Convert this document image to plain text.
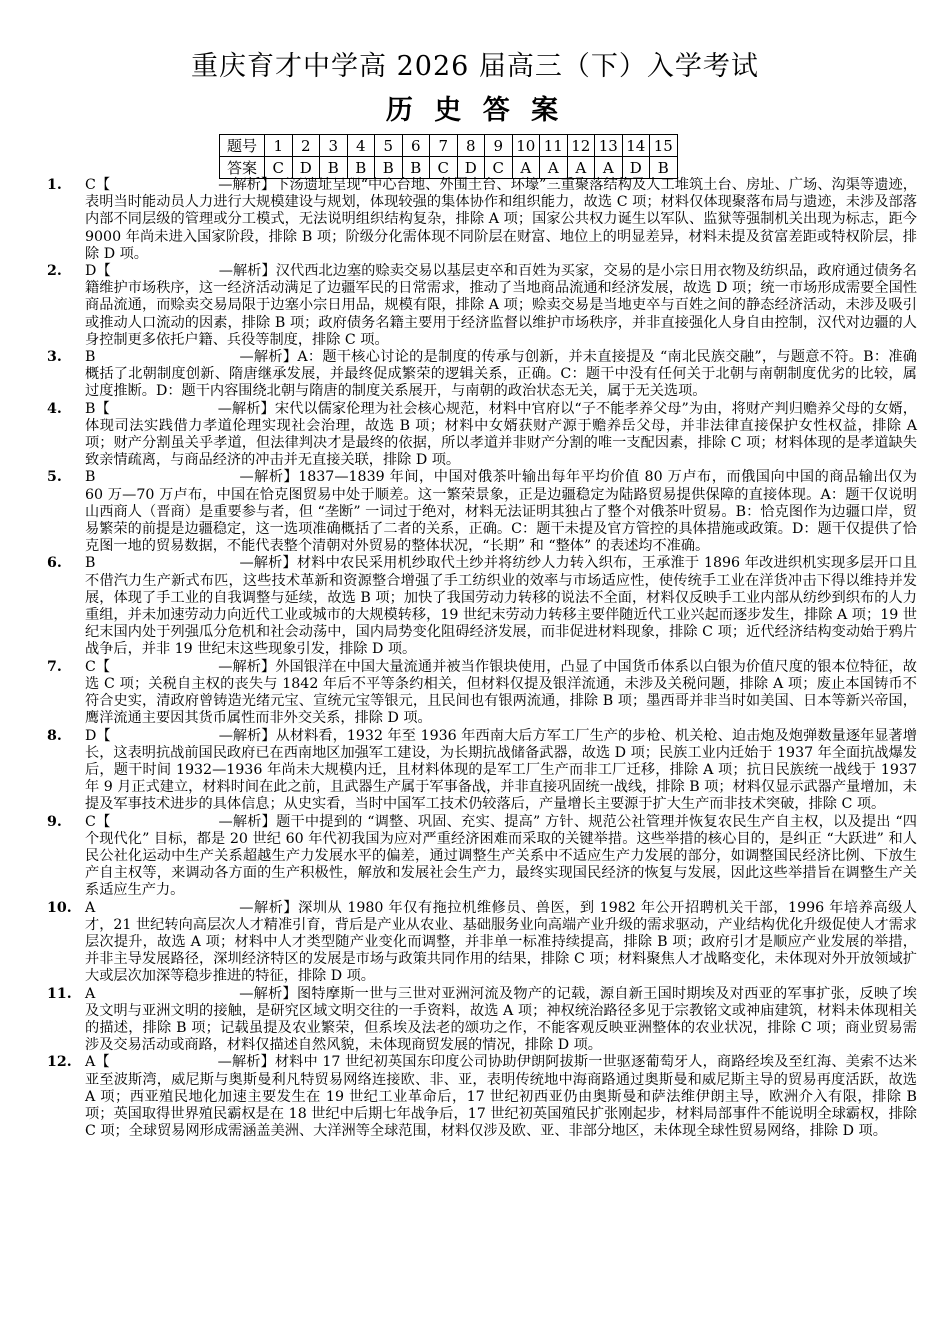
重庆育才中学高 2026 届高三（下）入学考试
历 史 答 案
题号	1	2	3	4	5	6	7	8	9	10	11	12	13	14	15
答案	C	D	B	B	B	B	C	D	C	A	A	A	A	D	B
1.	C【	—解析】下汤遗址呈现“中心台地、外围土台、环壕”三重聚落结构及人工堆筑土台、房址、广场、沟渠等遗迹，表明当时能动员人力进行大规模建设与规划，体现较强的集体协作和组织能力，故选 C 项；材料仅体现聚落布局与遗迹，未涉及部落内部不同层级的管理或分工模式，无法说明组织结构复杂，排除 A 项；国家公共权力诞生以军队、监狱等强制机关出现为标志，距今 9000 年尚未进入国家阶段，排除 B 项；阶级分化需体现不同阶层在财富、地位上的明显差异，材料未提及贫富差距或特权阶层，排除 D 项。
2.	D【	—解析】汉代西北边塞的赊卖交易以基层吏卒和百姓为买家，交易的是小宗日用衣物及纺织品，政府通过债务名籍维护市场秩序，这一经济活动满足了边疆军民的日常需求，推动了当地商品流通和经济发展，故选 D 项；统一市场形成需要全国性商品流通，而赊卖交易局限于边塞小宗日用品，规模有限，排除 A 项；赊卖交易是当地吏卒与百姓之间的静态经济活动，未涉及吸引或推动人口流动的因素，排除 B 项；政府债务名籍主要用于经济监督以维护市场秩序，并非直接强化人身自由控制，汉代对边疆的人身控制更多依托户籍、兵役等制度，排除 C 项。
3.	B	—解析】A：题干核心讨论的是制度的传承与创新，并未直接提及 “南北民族交融”，与题意不符。B：准确概括了北朝制度创新、隋唐继承发展，并最终促成繁荣的逻辑关系，正确。C：题干中没有任何关于北朝与南朝制度优劣的比较，属过度推断。D：题干内容围绕北朝与隋唐的制度关系展开，与南朝的政治状态无关，属于无关选项。
4.	B【	—解析】宋代以儒家伦理为社会核心规范，材料中官府以“子不能孝养父母”为由，将财产判归赡养父母的女婿，体现司法实践借力孝道伦理实现社会治理，故选 B 项；材料中女婿获财产源于赡养岳父母，并非法律直接保护女性权益，排除 A 项；财产分割虽关乎孝道，但法律判决才是最终的依据，所以孝道并非财产分割的唯一支配因素，排除 C 项；材料体现的是孝道缺失致亲情疏离，与商品经济的冲击并无直接关联，排除 D 项。
5.	B	—解析】1837—1839 年间，中国对俄茶叶输出每年平均价值 80 万卢布，而俄国向中国的商品输出仅为 60 万—70 万卢布，中国在恰克图贸易中处于顺差。这一繁荣景象，正是边疆稳定为陆路贸易提供保障的直接体现。A：题干仅说明山西商人（晋商）是重要参与者，但 “垄断” 一词过于绝对，材料无法证明其独占了整个对俄茶叶贸易。B：恰克图作为边疆口岸，贸易繁荣的前提是边疆稳定，这一选项准确概括了二者的关系，正确。C：题干未提及官方管控的具体措施或政策。D：题干仅提供了恰克图一地的贸易数据，不能代表整个清朝对外贸易的整体状况，“长期” 和 “整体” 的表述均不准确。
6.	B	—解析】材料中农民采用机纱取代土纱并将纺纱人力转入织布，王承淮于 1896 年改进织机实现多层开口且不借汽力生产新式布匹，这些技术革新和资源整合增强了手工纺织业的效率与市场适应性，使传统手工业在洋货冲击下得以维持并发展，体现了手工业的自我调整与延续，故选 B 项；加快了我国劳动力转移的说法不全面，材料仅反映手工业内部从纺纱到织布的人力重组，并未加速劳动力向近代工业或城市的大规模转移，19 世纪末劳动力转移主要伴随近代工业兴起而逐步发生，排除 A 项；19 世纪末国内处于列强瓜分危机和社会动荡中，国内局势变化阻碍经济发展，而非促进材料现象，排除 C 项；近代经济结构变动始于鸦片战争后，并非 19 世纪末这些现象引发，排除 D 项。
7.	C【	—解析】外国银洋在中国大量流通并被当作银块使用，凸显了中国货币体系以白银为价值尺度的银本位特征，故选 C 项；关税自主权的丧失与 1842 年后不平等条约相关，但材料仅提及银洋流通，未涉及关税问题，排除 A 项；废止本国铸币不符合史实，清政府曾铸造光绪元宝、宣统元宝等银元，且民间也有银两流通，排除 B 项；墨西哥并非当时如美国、日本等新兴帝国，鹰洋流通主要因其货币属性而非外交关系，排除 D 项。
8.	D【	—解析】从材料看，1932 年至 1936 年西南大后方军工厂生产的步枪、机关枪、迫击炮及炮弹数量逐年显著增长，这表明抗战前国民政府已在西南地区加强军工建设，为长期抗战储备武器，故选 D 项；民族工业内迁始于 1937 年全面抗战爆发后，题干时间 1932—1936 年尚未大规模内迁，且材料体现的是军工厂生产而非工厂迁移，排除 A 项；抗日民族统一战线于 1937 年 9 月正式建立，材料时间在此之前，且武器生产属于军事备战，并非直接巩固统一战线，排除 B 项；材料仅显示武器产量增加，未提及军事技术进步的具体信息；从史实看，当时中国军工技术仍较落后，产量增长主要源于扩大生产而非技术突破，排除 C 项。
9.	C【	—解析】题干中提到的 “调整、巩固、充实、提高” 方针、规范公社管理并恢复农民生产自主权，以及提出 “四个现代化” 目标，都是 20 世纪 60 年代初我国为应对严重经济困难而采取的关键举措。这些举措的核心目的，是纠正 “大跃进” 和人民公社化运动中生产关系超越生产力发展水平的偏差，通过调整生产关系中不适应生产力发展的部分，如调整国民经济比例、下放生产自主权等，来调动各方面的生产积极性，解放和发展社会生产力，最终实现国民经济的恢复与发展，因此这些举措旨在调整生产关系适应生产力。
10. A	—解析】深圳从 1980 年仅有拖拉机维修员、兽医，到 1982 年公开招聘机关干部，1996 年培养高级人才，21 世纪转向高层次人才精准引育，背后是产业从农业、基础服务业向高端产业升级的需求驱动，产业结构优化升级促使人才需求层次提升，故选 A 项；材料中人才类型随产业变化而调整，并非单一标准持续提高，排除 B 项；政府引才是顺应产业发展的举措，并非主导发展路径，深圳经济特区的发展是市场与政策共同作用的结果，排除 C 项；材料聚焦人才战略变化，未体现对外开放领域扩大或层次加深等稳步推进的特征，排除 D 项。
11. A	—解析】图特摩斯一世与三世对亚洲河流及物产的记载，源自新王国时期埃及对西亚的军事扩张，反映了埃及文明与亚洲文明的接触，是研究区域文明交往的一手资料，故选 A 项；神权统治路径多见于宗教铭文或神庙建筑，材料未体现相关的描述，排除 B 项；记载虽提及农业繁荣，但系埃及法老的颂功之作，不能客观反映亚洲整体的农业状况，排除 C 项；商业贸易需涉及交易活动或商路，材料仅描述自然风貌，未体现商贸发展的情况，排除 D 项。
12. A【	—解析】材料中 17 世纪初英国东印度公司协助伊朗阿拔斯一世驱逐葡萄牙人，商路经埃及至红海、美索不达米亚至波斯湾，威尼斯与奥斯曼利凡特贸易网络连接欧、非、亚，表明传统地中海商路通过奥斯曼和威尼斯主导的贸易再度活跃，故选 A 项；西亚殖民地化加速主要发生在 19 世纪工业革命后，17 世纪初西亚仍由奥斯曼和萨法维伊朗主导，欧洲介入有限，排除 B 项；英国取得世界殖民霸权是在 18 世纪中后期七年战争后，17 世纪初英国殖民扩张刚起步，材料局部事件不能说明全球霸权，排除 C 项；全球贸易网形成需涵盖美洲、大洋洲等全球范围，材料仅涉及欧、亚、非部分地区，未体现全球性贸易网络，排除 D 项。
